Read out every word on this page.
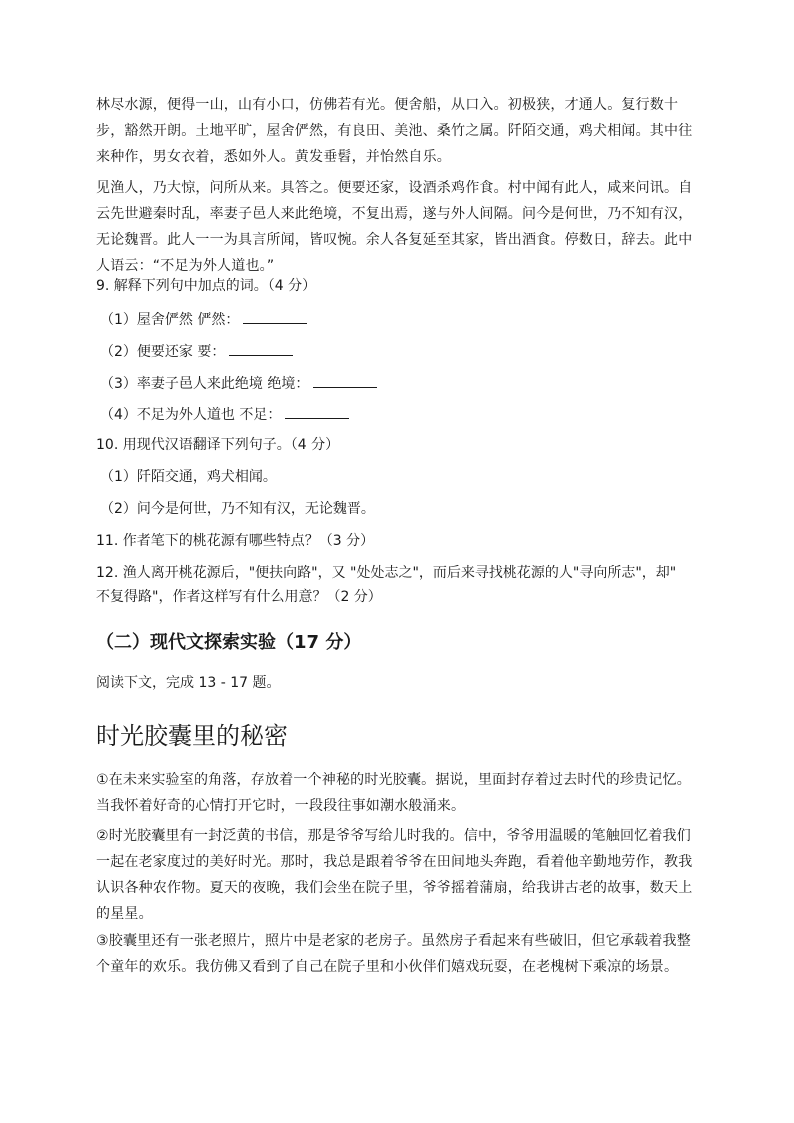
林尽水源，便得一山，山有小口，仿佛若有光。便舍船，从口入。初极狭，才通人。复行数十步，豁然开朗。土地平旷，屋舍俨然，有良田、美池、桑竹之属。阡陌交通，鸡犬相闻。其中往来种作，男女衣着，悉如外人。黄发垂髫，并怡然自乐。

见渔人，乃大惊，问所从来。具答之。便要还家，设酒杀鸡作食。村中闻有此人，咸来问讯。自云先世避秦时乱，率妻子邑人来此绝境，不复出焉，遂与外人间隔。问今是何世，乃不知有汉，无论魏晋。此人一一为具言所闻，皆叹惋。余人各复延至其家，皆出酒食。停数日，辞去。此中人语云：“不足为外人道也。”

9. 解释下列句中加点的词。（4 分）

（1）屋舍俨然 俨然：

（2）便要还家 要：

（3）率妻子邑人来此绝境 绝境：

（4）不足为外人道也 不足：

10. 用现代汉语翻译下列句子。（4 分）

（1）阡陌交通，鸡犬相闻。

（2）问今是何世，乃不知有汉，无论魏晋。

11. 作者笔下的桃花源有哪些特点？（3 分）

12. 渔人离开桃花源后，"便扶向路"，又 "处处志之"，而后来寻找桃花源的人"寻向所志"，却"

不复得路"，作者这样写有什么用意？（2 分）

（二）现代文探索实验（17 分）

阅读下文，完成 13 - 17 题。

时光胶囊里的秘密

①在未来实验室的角落，存放着一个神秘的时光胶囊。据说，里面封存着过去时代的珍贵记忆。当我怀着好奇的心情打开它时，一段段往事如潮水般涌来。

②时光胶囊里有一封泛黄的书信，那是爷爷写给儿时我的。信中，爷爷用温暖的笔触回忆着我们一起在老家度过的美好时光。那时，我总是跟着爷爷在田间地头奔跑，看着他辛勤地劳作，教我认识各种农作物。夏天的夜晚，我们会坐在院子里，爷爷摇着蒲扇，给我讲古老的故事，数天上的星星。

③胶囊里还有一张老照片，照片中是老家的老房子。虽然房子看起来有些破旧，但它承载着我整个童年的欢乐。我仿佛又看到了自己在院子里和小伙伴们嬉戏玩耍，在老槐树下乘凉的场景。
